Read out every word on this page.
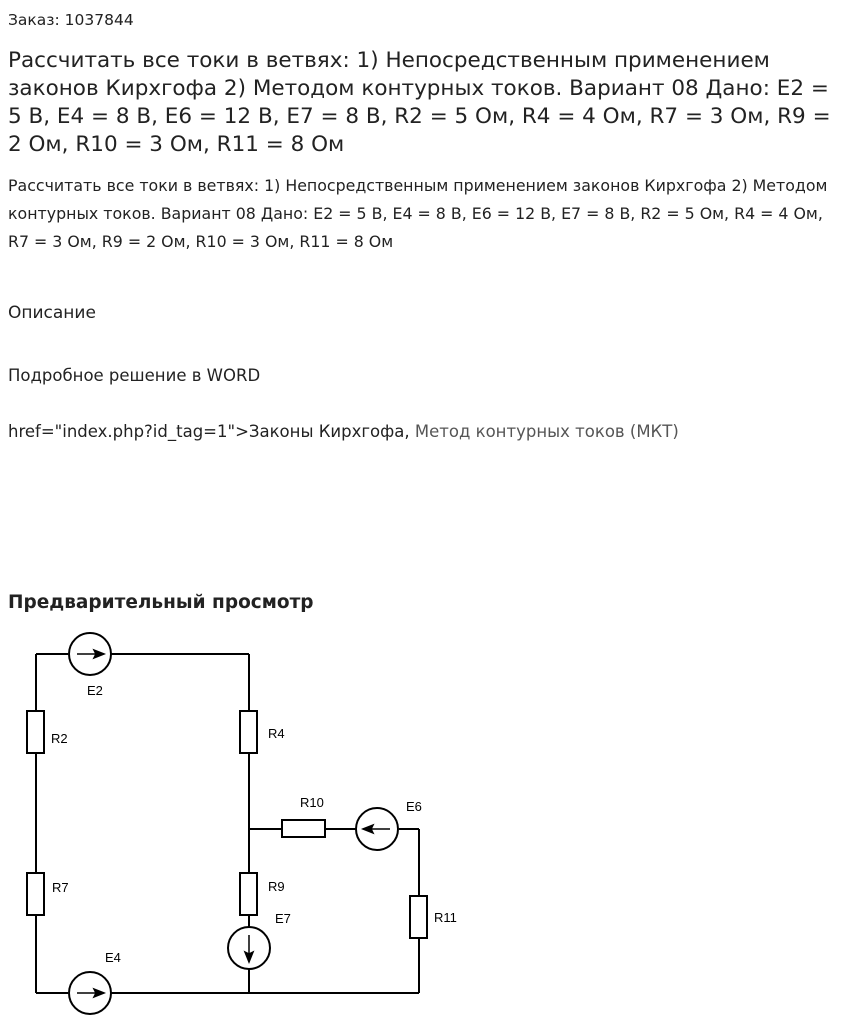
Заказ: 1037844

Рассчитать все токи в ветвях: 1) Непосредственным применением законов Кирхгофа 2) Методом контурных токов. Вариант 08 Дано: E2 = 5 В, E4 = 8 В, E6 = 12 В, E7 = 8 В, R2 = 5 Ом, R4 = 4 Ом, R7 = 3 Ом, R9 = 2 Ом, R10 = 3 Ом, R11 = 8 Ом

Рассчитать все токи в ветвях: 1) Непосредственным применением законов Кирхгофа 2) Методом контурных токов. Вариант 08 Дано: E2 = 5 В, E4 = 8 В, E6 = 12 В, E7 = 8 В, R2 = 5 Ом, R4 = 4 Ом, R7 = 3 Ом, R9 = 2 Ом, R10 = 3 Ом, R11 = 8 Ом

Описание

Подробное решение в WORD

href="index.php?id_tag=1">Законы Кирхгофа, Метод контурных токов (МКТ)

Предварительный просмотр

E2
R2	R4
R10	E6
R7	R9
E7	R11
E4
